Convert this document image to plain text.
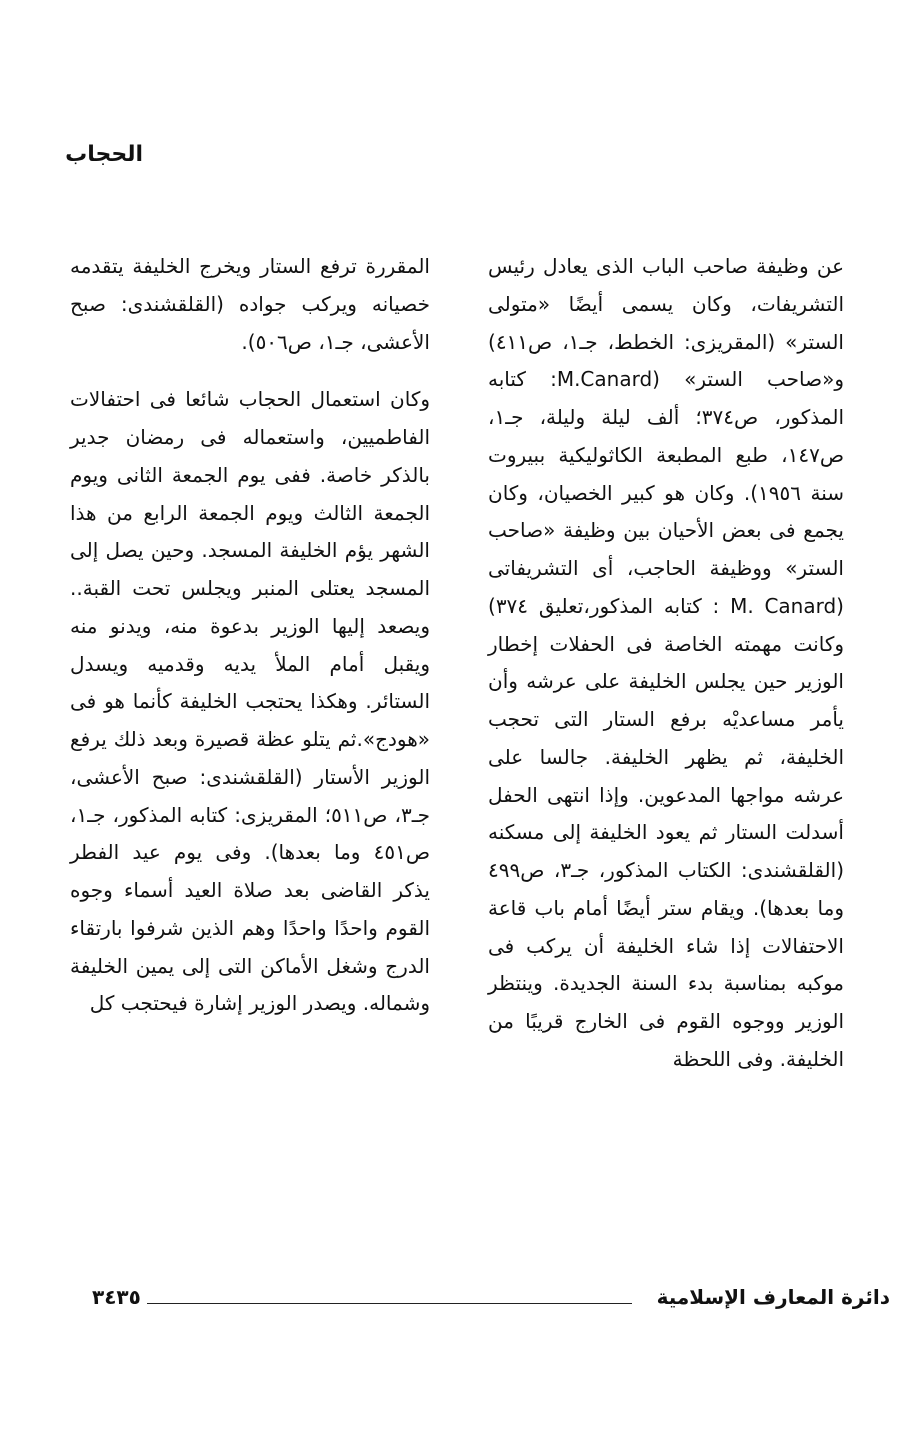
الحجاب

عن وظيفة صاحب الباب الذى يعادل رئيس التشريفات، وكان يسمى أيضًا «متولى الستر» (المقريزى: الخطط، جـ١، ص٤١١) و«صاحب الستر» (M.Canard: كتابه المذكور، ص٣٧٤؛ ألف ليلة وليلة، جـ١، ص١٤٧، طبع المطبعة الكاثوليكية ببيروت سنة ١٩٥٦). وكان هو كبير الخصيان، وكان يجمع فى بعض الأحيان بين وظيفة «صاحب الستر» ووظيفة الحاجب، أى التشريفاتى (M. Canard : كتابه المذكور،تعليق ٣٧٤) وكانت مهمته الخاصة فى الحفلات إخطار الوزير حين يجلس الخليفة على عرشه وأن يأمر مساعديْه برفع الستار التى تحجب الخليفة، ثم يظهر الخليفة. جالسا على عرشه مواجها المدعوين. وإذا انتهى الحفل أسدلت الستار ثم يعود الخليفة إلى مسكنه (القلقشندى: الكتاب المذكور، جـ٣، ص٤٩٩ وما بعدها). ويقام ستر أيضًا أمام باب قاعة الاحتفالات إذا شاء الخليفة أن يركب فى موكبه بمناسبة بدء السنة الجديدة. وينتظر الوزير ووجوه القوم فى الخارج قريبًا من الخليفة. وفى اللحظة

المقررة ترفع الستار ويخرج الخليفة يتقدمه خصيانه ويركب جواده (القلقشندى: صبح الأعشى، جـ١، ص٥٠٦).

وكان استعمال الحجاب شائعا فى احتفالات الفاطميين، واستعماله فى رمضان جدير بالذكر خاصة. ففى يوم الجمعة الثانى ويوم الجمعة الثالث ويوم الجمعة الرابع من هذا الشهر يؤم الخليفة المسجد. وحين يصل إلى المسجد يعتلى المنبر ويجلس تحت القبة.. ويصعد إليها الوزير بدعوة منه، ويدنو منه ويقبل أمام الملأ يديه وقدميه ويسدل الستائر. وهكذا يحتجب الخليفة كأنما هو فى «هودج».ثم يتلو عظة قصيرة وبعد ذلك يرفع الوزير الأستار (القلقشندى: صبح الأعشى، جـ٣، ص٥١١؛ المقريزى: كتابه المذكور، جـ١، ص٤٥١ وما بعدها). وفى يوم عيد الفطر يذكر القاضى بعد صلاة العيد أسماء وجوه القوم واحدًا واحدًا وهم الذين شرفوا بارتقاء الدرج وشغل الأماكن التى إلى يمين الخليفة وشماله. ويصدر الوزير إشارة فيحتجب كل

دائرة المعارف الإسلامية
٣٤٣٥
